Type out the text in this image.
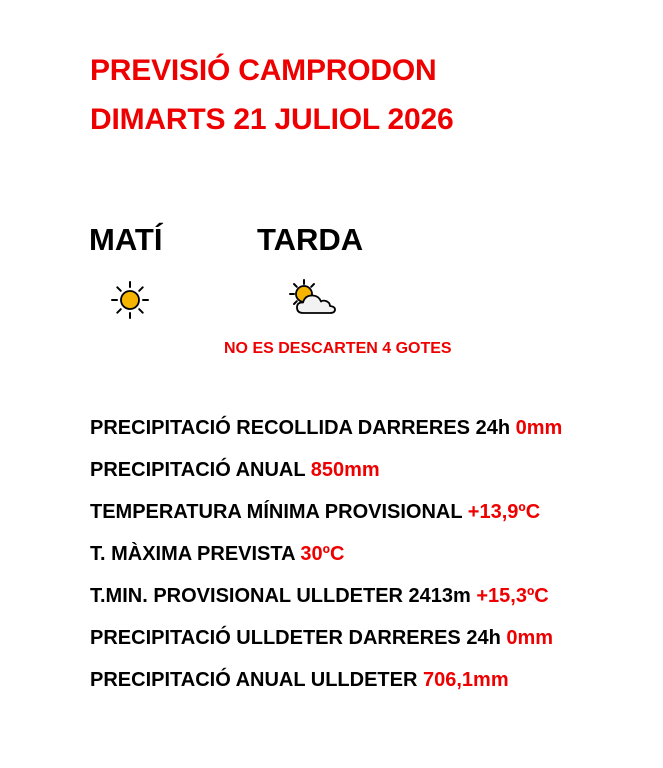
PREVISIÓ CAMPRODON
DIMARTS 21 JULIOL 2026
MATÍ	TARDA
NO ES DESCARTEN 4 GOTES
PRECIPITACIÓ RECOLLIDA DARRERES 24h 0mm
PRECIPITACIÓ ANUAL 850mm
TEMPERATURA MÍNIMA PROVISIONAL +13,9ºC
T. MÀXIMA PREVISTA 30ºC
T.MIN. PROVISIONAL ULLDETER 2413m +15,3ºC
PRECIPITACIÓ ULLDETER DARRERES 24h 0mm
PRECIPITACIÓ ANUAL ULLDETER 706,1mm
